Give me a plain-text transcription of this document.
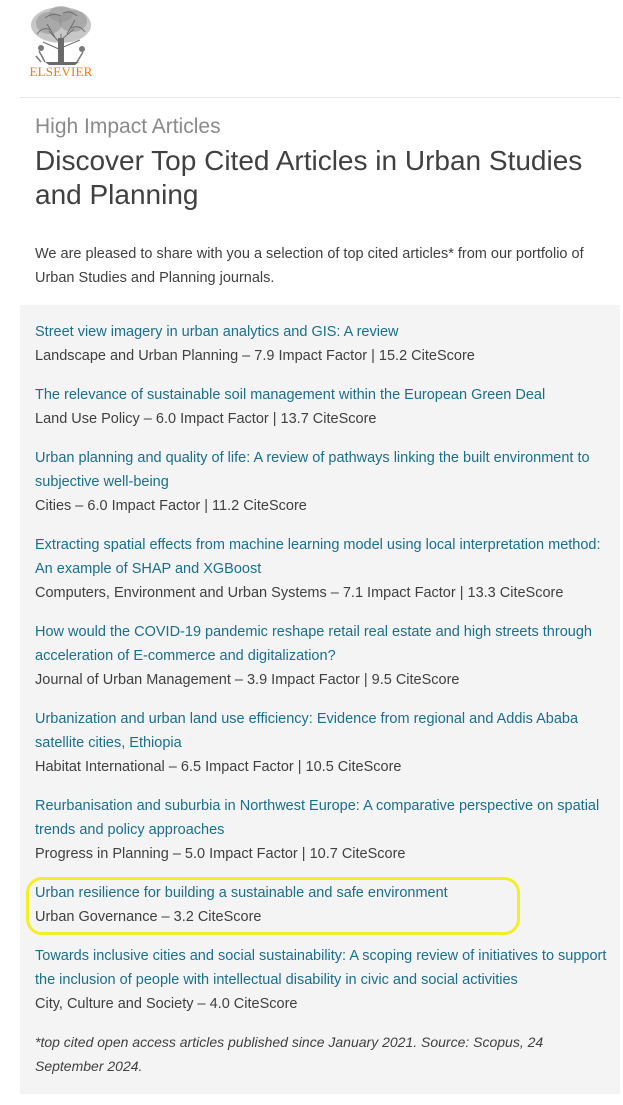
ELSEVIER
High Impact Articles
Discover Top Cited Articles in Urban Studies and Planning

We are pleased to share with you a selection of top cited articles* from our portfolio of Urban Studies and Planning journals.

Street view imagery in urban analytics and GIS: A review
Landscape and Urban Planning – 7.9 Impact Factor | 15.2 CiteScore
The relevance of sustainable soil management within the European Green Deal
Land Use Policy – 6.0 Impact Factor | 13.7 CiteScore
Urban planning and quality of life: A review of pathways linking the built environment to subjective well-being
Cities – 6.0 Impact Factor | 11.2 CiteScore
Extracting spatial effects from machine learning model using local interpretation method: An example of SHAP and XGBoost
Computers, Environment and Urban Systems – 7.1 Impact Factor | 13.3 CiteScore
How would the COVID-19 pandemic reshape retail real estate and high streets through acceleration of E-commerce and digitalization?
Journal of Urban Management – 3.9 Impact Factor | 9.5 CiteScore
Urbanization and urban land use efficiency: Evidence from regional and Addis Ababa satellite cities, Ethiopia
Habitat International – 6.5 Impact Factor | 10.5 CiteScore
Reurbanisation and suburbia in Northwest Europe: A comparative perspective on spatial trends and policy approaches
Progress in Planning – 5.0 Impact Factor | 10.7 CiteScore
Urban resilience for building a sustainable and safe environment
Urban Governance – 3.2 CiteScore
Towards inclusive cities and social sustainability: A scoping review of initiatives to support the inclusion of people with intellectual disability in civic and social activities
City, Culture and Society – 4.0 CiteScore

*top cited open access articles published since January 2021. Source: Scopus, 24 September 2024.
